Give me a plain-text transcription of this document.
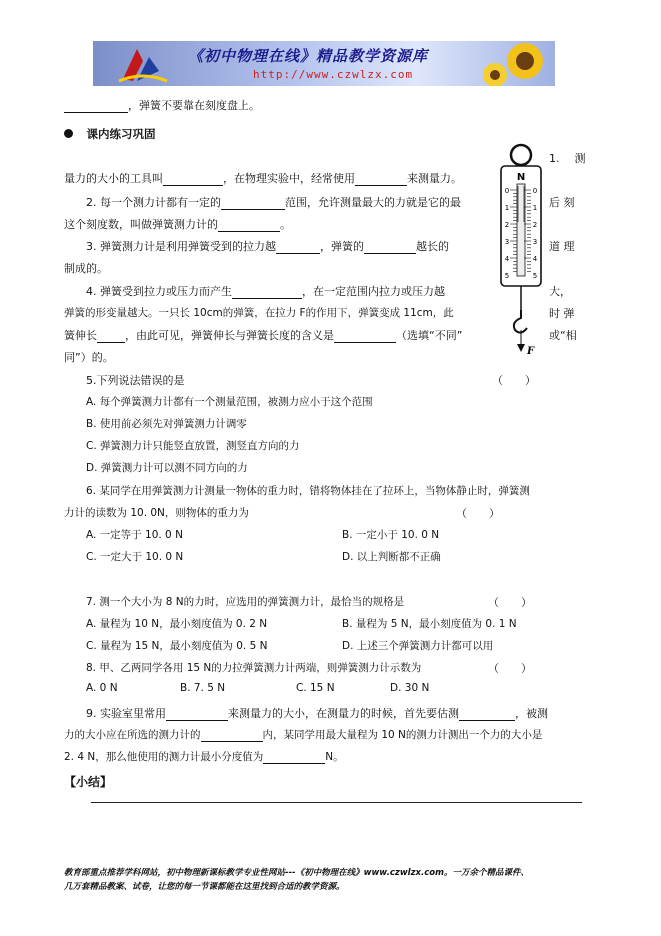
《初中物理在线》精品教学资源库
http://www.czwlzx.com
，弹簧不要靠在刻度盘上。
课内练习巩固
N
0	0
1	1
2	2
3	3
4	4
5	5
F
1. 测
量力的大小的工具叫	，在物理实验中，经常使用	来测量力。
2. 每一个测力计都有一定的	范围，允许测量最大的力就是它的最	后 刻
这个刻度数，叫做弹簧测力计的	。
3. 弹簧测力计是利用弹簧受到的拉力越	，弹簧的	越长的	道 理
制成的。
4. 弹簧受到拉力或压力而产生	，在一定范围内拉力或压力越	大，
弹簧的形变量越大。一只长 10cm的弹簧，在拉力 F的作用下，弹簧变成 11cm，此	时 弹
簧伸长	，由此可见，弹簧伸长与弹簧长度的含义是	（选填“不同”	或“相
同”）的。
5.下列说法错误的是	（　　）
A. 每个弹簧测力计都有一个测量范围，被测力应小于这个范围
B. 使用前必须先对弹簧测力计调零
C. 弹簧测力计只能竖直放置，测竖直方向的力
D. 弹簧测力计可以测不同方向的力
6. 某同学在用弹簧测力计测量一物体的重力时，错将物体挂在了拉环上，当物体静止时，弹簧测
力计的读数为 10. 0N，则物体的重力为	（　　）
A. 一定等于 10. 0 N	B. 一定小于 10. 0 N
C. 一定大于 10. 0 N	D. 以上判断都不正确
7. 测一个大小为 8 N的力时，应选用的弹簧测力计，最恰当的规格是	（　　）
A. 量程为 10 N，最小刻度值为 0. 2 N	B. 量程为 5 N，最小刻度值为 0. 1 N
C. 量程为 15 N，最小刻度值为 0. 5 N	D. 上述三个弹簧测力计都可以用
8. 甲、乙两同学各用 15 N的力拉弹簧测力计两端，则弹簧测力计示数为	（　　）
A. 0 N	B. 7. 5 N	C. 15 N	D. 30 N
9. 实验室里常用	来测量力的大小，在测量力的时候，首先要估测	，被测
力的大小应在所选的测力计的	内，某同学用最大量程为 10 N的测力计测出一个力的大小是
2. 4 N，那么他使用的测力计最小分度值为	N。
【小结】
教育部重点推荐学科网站，初中物理新课标教学专业性网站---《初中物理在线》www.czwlzx.com。一万余个精品课件、
几万套精品教案、试卷，让您的每一节课都能在这里找到合适的教学资源。
